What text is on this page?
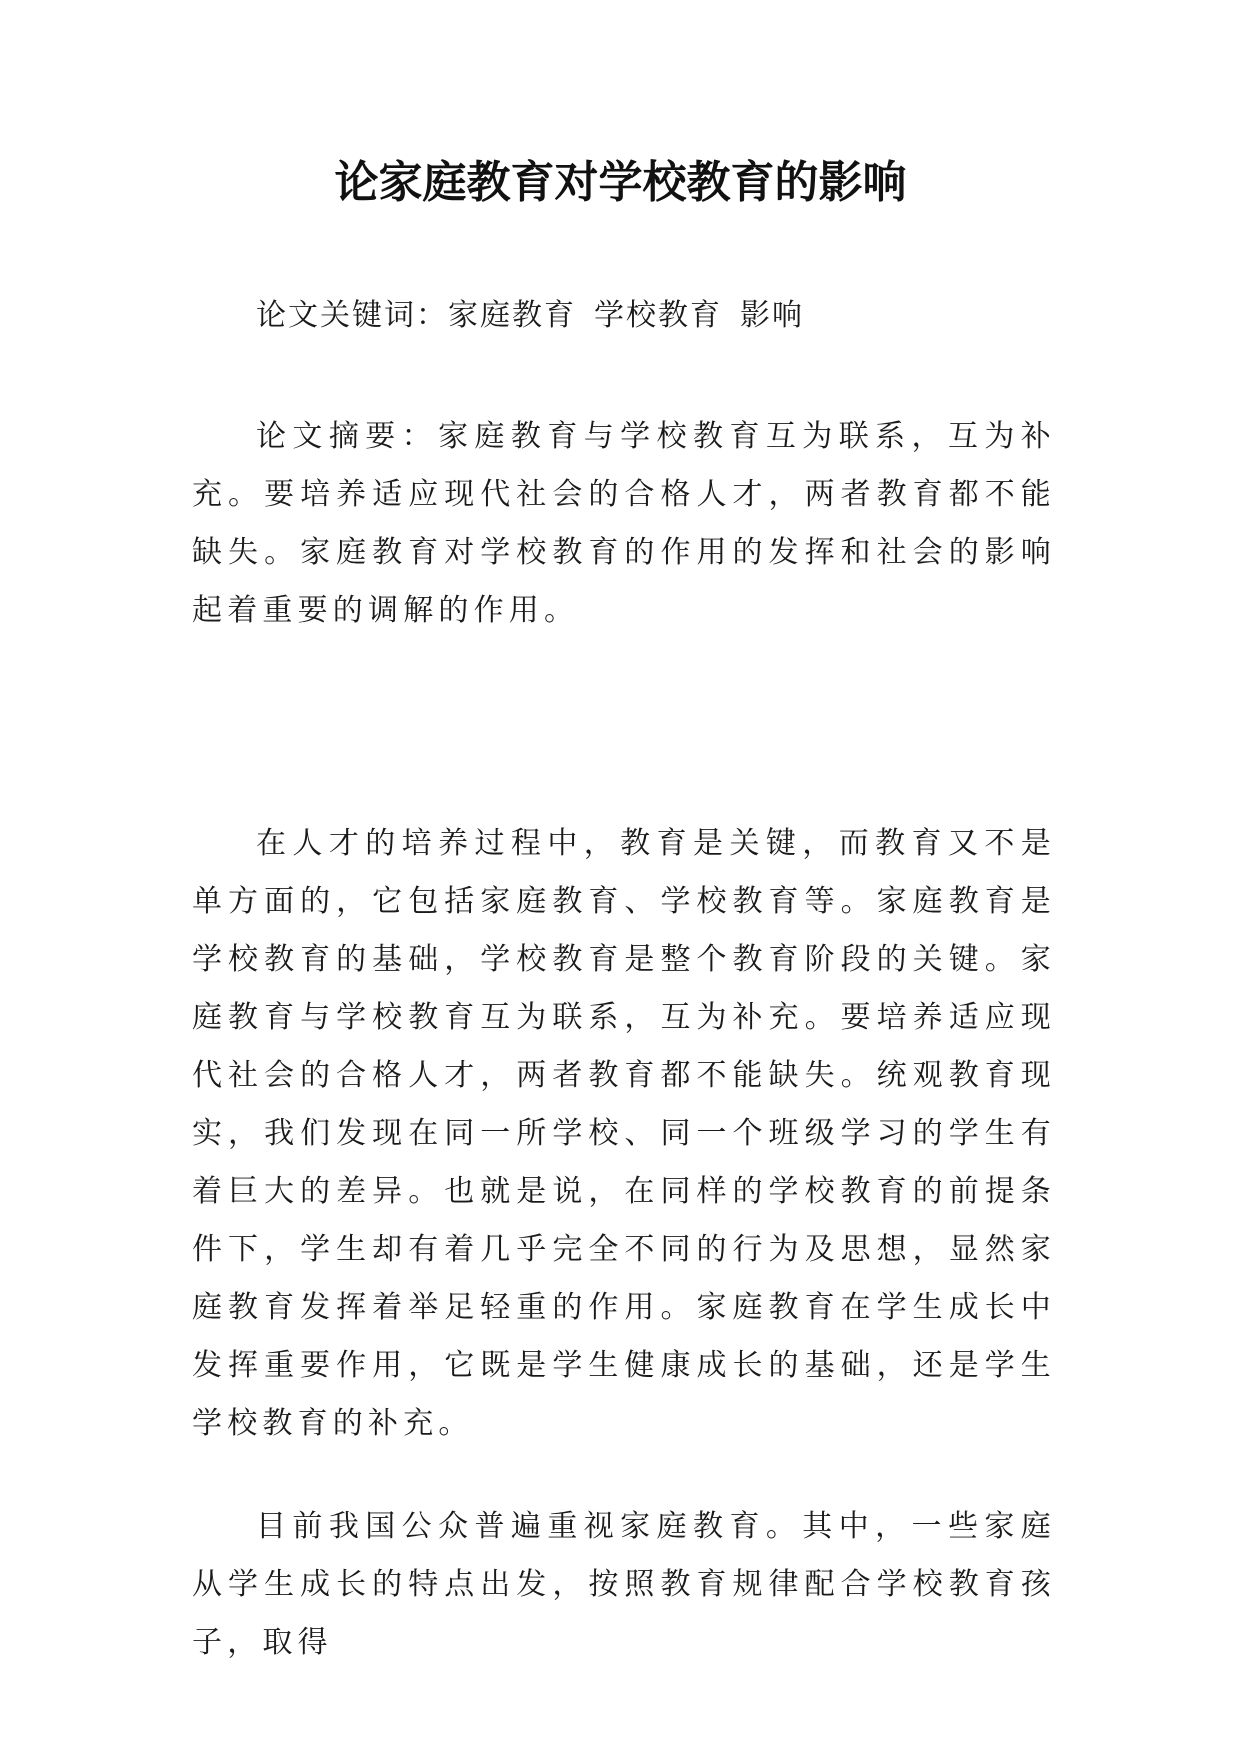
论家庭教育对学校教育的影响
论文关键词：家庭教育 学校教育 影响

论文摘要：家庭教育与学校教育互为联系，互为补充。要培养适应现代社会的合格人才，两者教育都不能缺失。家庭教育对学校教育的作用的发挥和社会的影响起着重要的调解的作用。

在人才的培养过程中，教育是关键，而教育又不是单方面的，它包括家庭教育、学校教育等。家庭教育是学校教育的基础，学校教育是整个教育阶段的关键。家庭教育与学校教育互为联系，互为补充。要培养适应现代社会的合格人才，两者教育都不能缺失。统观教育现实，我们发现在同一所学校、同一个班级学习的学生有着巨大的差异。也就是说，在同样的学校教育的前提条件下，学生却有着几乎完全不同的行为及思想，显然家庭教育发挥着举足轻重的作用。家庭教育在学生成长中发挥重要作用，它既是学生健康成长的基础，还是学生学校教育的补充。

目前我国公众普遍重视家庭教育。其中，一些家庭从学生成长的特点出发，按照教育规律配合学校教育孩子，取得
